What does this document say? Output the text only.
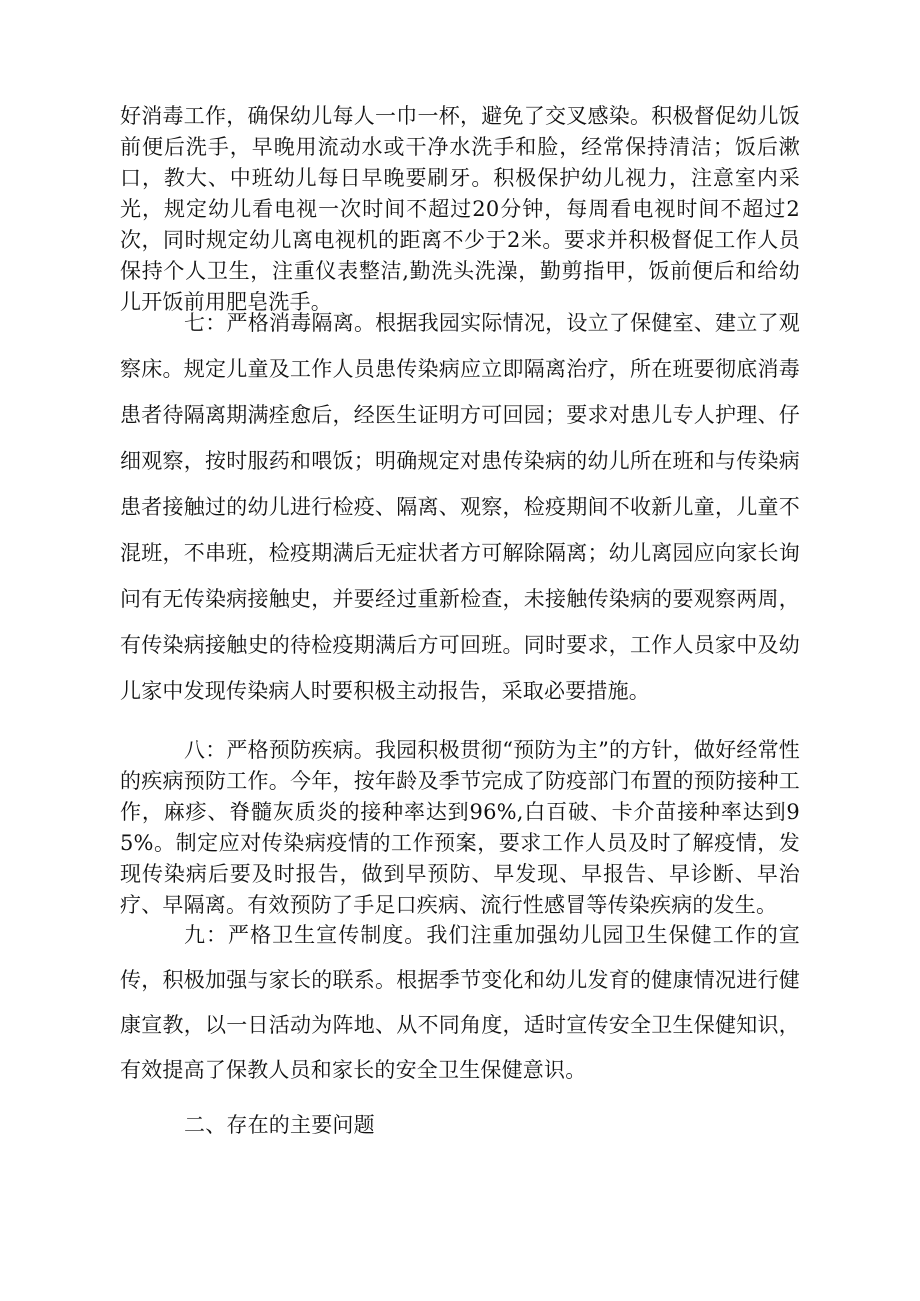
好消毒工作，确保幼儿每人一巾一杯，避免了交叉感染。积极督促幼儿饭前便后洗手，早晚用流动水或干净水洗手和脸，经常保持清洁；饭后漱口，教大、中班幼儿每日早晚要刷牙。积极保护幼儿视力，注意室内采光，规定幼儿看电视一次时间不超过20分钟，每周看电视时间不超过2次，同时规定幼儿离电视机的距离不少于2米。要求并积极督促工作人员保持个人卫生，注重仪表整洁,勤洗头洗澡，勤剪指甲，饭前便后和给幼儿开饭前用肥皂洗手。

七：严格消毒隔离。根据我园实际情况，设立了保健室、建立了观察床。规定儿童及工作人员患传染病应立即隔离治疗，所在班要彻底消毒患者待隔离期满痊愈后，经医生证明方可回园；要求对患儿专人护理、仔细观察，按时服药和喂饭；明确规定对患传染病的幼儿所在班和与传染病患者接触过的幼儿进行检疫、隔离、观察，检疫期间不收新儿童，儿童不混班，不串班，检疫期满后无症状者方可解除隔离；幼儿离园应向家长询问有无传染病接触史，并要经过重新检查，未接触传染病的要观察两周，有传染病接触史的待检疫期满后方可回班。同时要求，工作人员家中及幼儿家中发现传染病人时要积极主动报告，采取必要措施。

八：严格预防疾病。我园积极贯彻“预防为主”的方针，做好经常性的疾病预防工作。今年，按年龄及季节完成了防疫部门布置的预防接种工作，麻疹、脊髓灰质炎的接种率达到96%,白百破、卡介苗接种率达到95%。制定应对传染病疫情的工作预案，要求工作人员及时了解疫情，发现传染病后要及时报告，做到早预防、早发现、早报告、早诊断、早治疗、早隔离。有效预防了手足口疾病、流行性感冒等传染疾病的发生。

九：严格卫生宣传制度。我们注重加强幼儿园卫生保健工作的宣传，积极加强与家长的联系。根据季节变化和幼儿发育的健康情况进行健康宣教，以一日活动为阵地、从不同角度，适时宣传安全卫生保健知识，有效提高了保教人员和家长的安全卫生保健意识。

二、存在的主要问题
